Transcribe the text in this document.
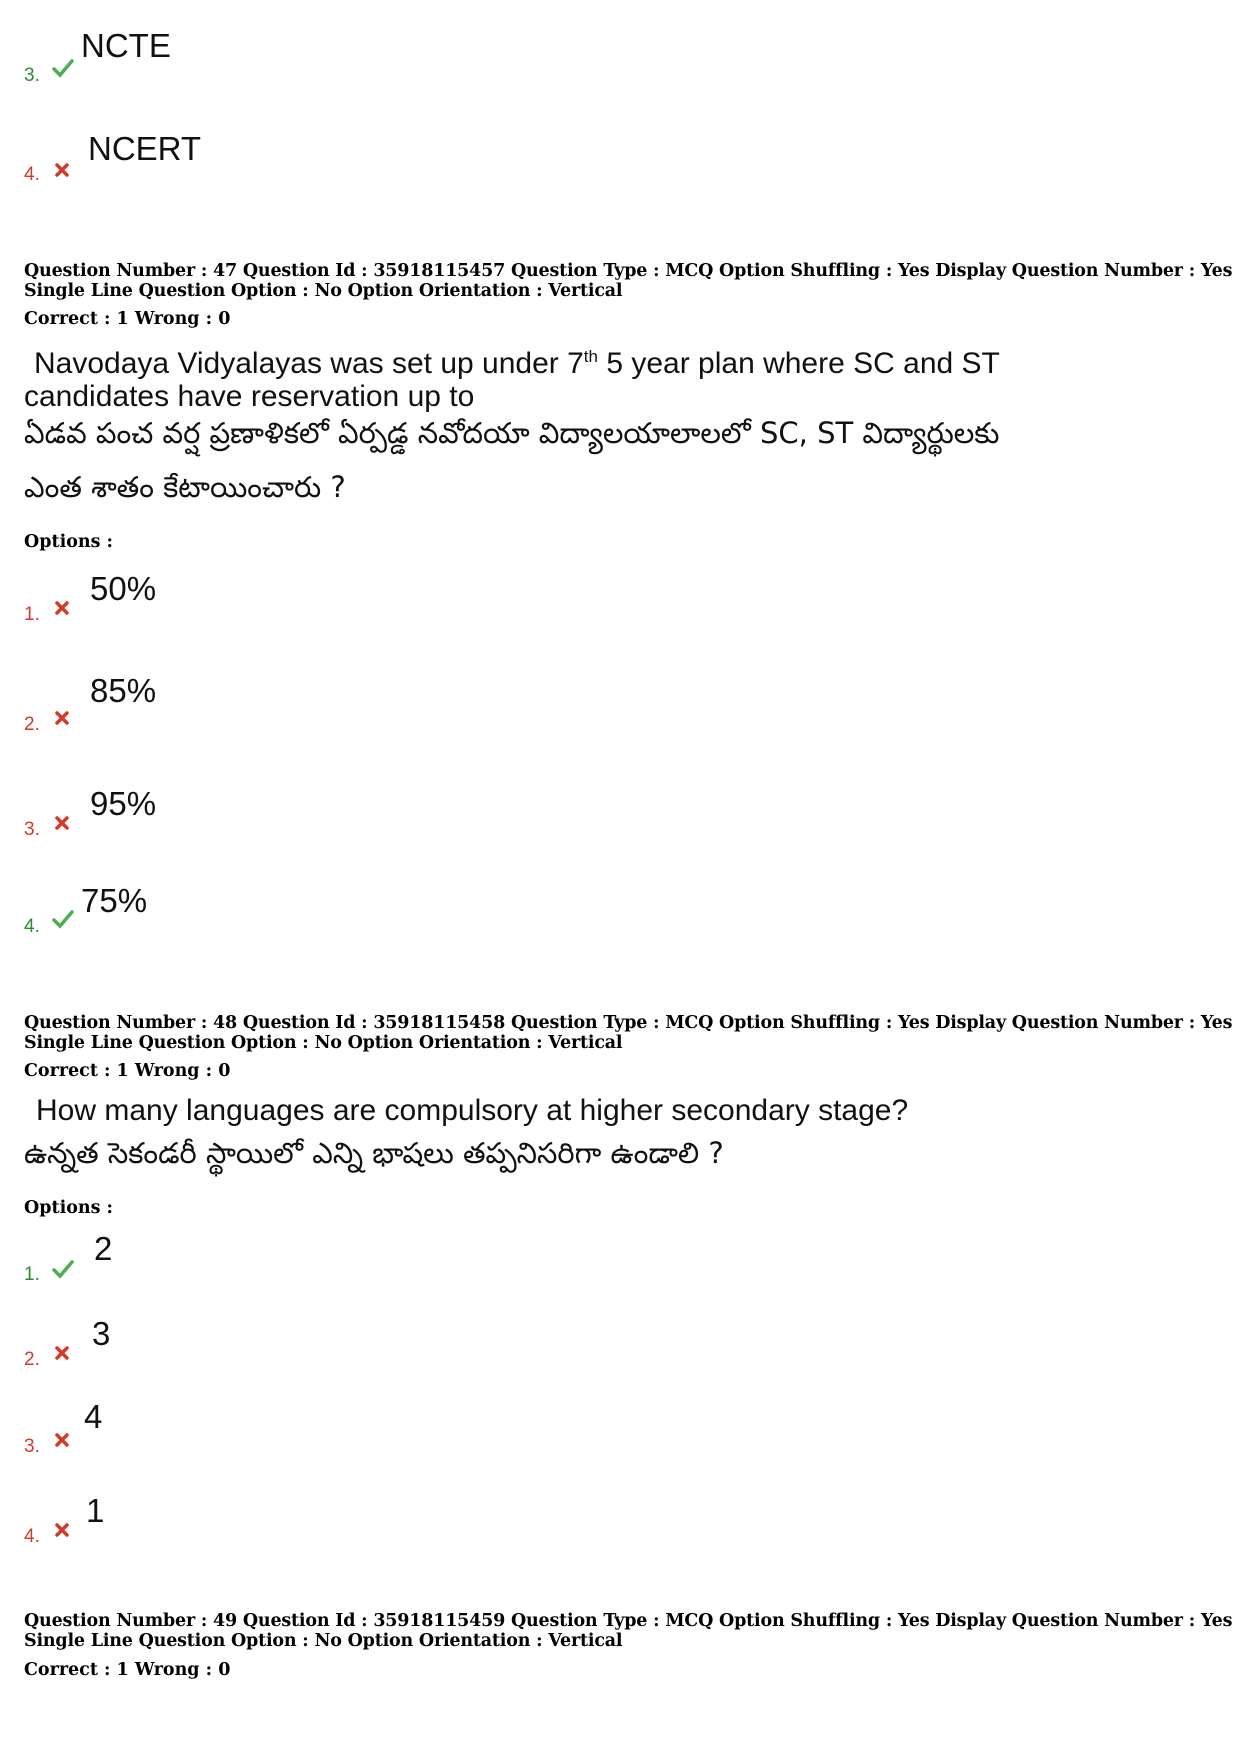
3.
NCTE
4.
NCERT
Question Number : 47 Question Id : 35918115457 Question Type : MCQ Option Shuffling : Yes Display Question Number : Yes
Single Line Question Option : No Option Orientation : Vertical
Correct : 1 Wrong : 0
Navodaya Vidyalayas was set up under 7th 5 year plan where SC and ST
candidates have reservation up to
ఏడవ పంచ వర్ష ప్రణాళికలో ఏర్పడ్డ నవోదయా విద్యాలయాలాలలో SC, ST విద్యార్థులకు
ఎంత శాతం కేటాయించారు ?
Options :
1.
50%
2.
85%
3.
95%
4.
75%
Question Number : 48 Question Id : 35918115458 Question Type : MCQ Option Shuffling : Yes Display Question Number : Yes
Single Line Question Option : No Option Orientation : Vertical
Correct : 1 Wrong : 0
How many languages are compulsory at higher secondary stage?
ఉన్నత సెకండరీ స్థాయిలో ఎన్ని భాషలు తప్పనిసరిగా ఉండాలి ?
Options :
1.
2
2.
3
3.
4
4.
1
Question Number : 49 Question Id : 35918115459 Question Type : MCQ Option Shuffling : Yes Display Question Number : Yes
Single Line Question Option : No Option Orientation : Vertical
Correct : 1 Wrong : 0
